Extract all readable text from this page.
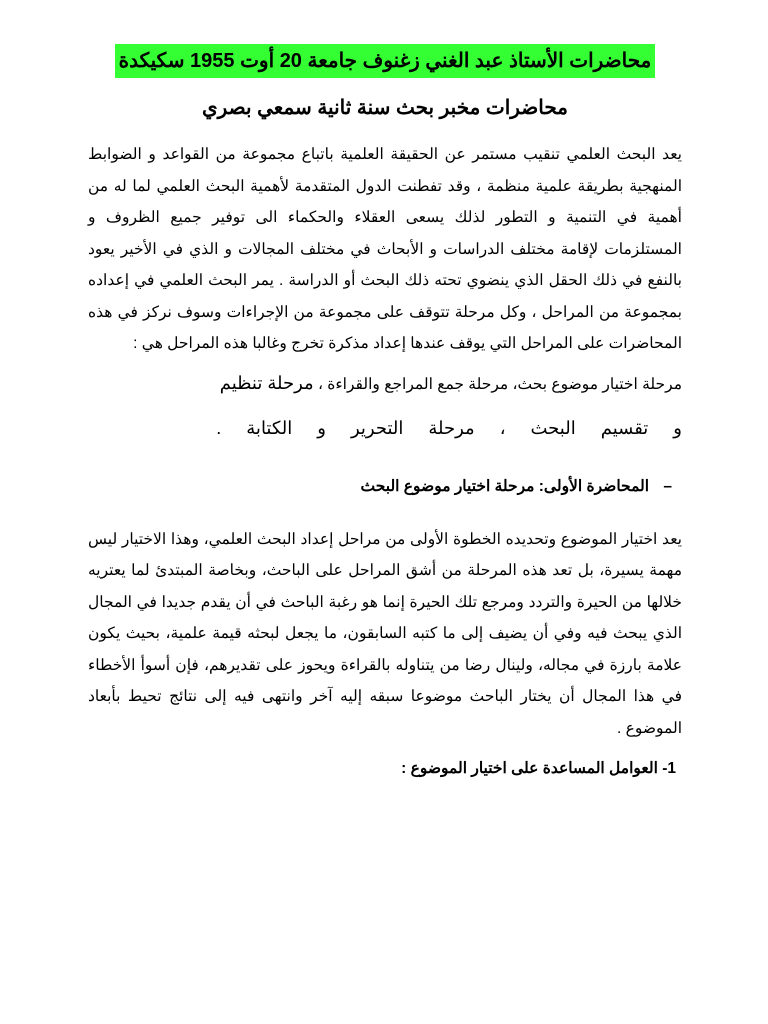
محاضرات الأستاذ عبد الغني زغنوف جامعة 20 أوت 1955 سكيكدة
محاضرات مخبر بحث سنة ثانية سمعي بصري

يعد البحث العلمي تنقيب مستمر عن الحقيقة العلمية باتباع مجموعة من القواعد و الضوابط المنهجية بطريقة علمية منظمة ، وقد تفطنت الدول المتقدمة لأهمية البحث العلمي لما له من أهمية في التنمية و التطور لذلك يسعى العقلاء والحكماء الى توفير جميع الظروف و المستلزمات لإقامة مختلف الدراسات و الأبحاث في مختلف المجالات و الذي في الأخير يعود بالنفع في ذلك الحقل الذي ينضوي تحته ذلك البحث أو الدراسة . يمر البحث العلمي في إعداده بمجموعة من المراحل ، وكل مرحلة تتوقف على مجموعة من الإجراءات وسوف نركز في هذه المحاضرات على المراحل التي يوقف عندها إعداد مذكرة تخرج وغالبا هذه المراحل هي :

مرحلة اختيار موضوع بحث، مرحلة جمع المراجع والقراءة ، مرحلة تنظيم
و تقسيم البحث ، مرحلة التحرير و الكتابة .
– المحاضرة الأولى: مرحلة اختيار موضوع البحث

يعد اختيار الموضوع وتحديده الخطوة الأولى من مراحل إعداد البحث العلمي، وهذا الاختيار ليس مهمة يسيرة، بل تعد هذه المرحلة من أشق المراحل على الباحث، وبخاصة المبتدئ لما يعتريه خلالها من الحيرة والتردد ومرجع تلك الحيرة إنما هو رغبة الباحث في أن يقدم جديدا في المجال الذي يبحث فيه وفي أن يضيف إلى ما كتبه السابقون، ما يجعل لبحثه قيمة علمية، بحيث يكون علامة بارزة في مجاله، ولينال رضا من يتناوله بالقراءة ويحوز على تقديرهم، فإن أسوأ الأخطاء في هذا المجال أن يختار الباحث موضوعا سبقه إليه آخر وانتهى فيه إلى نتائج تحيط بأبعاد الموضوع .

1- العوامل المساعدة على اختيار الموضوع :
